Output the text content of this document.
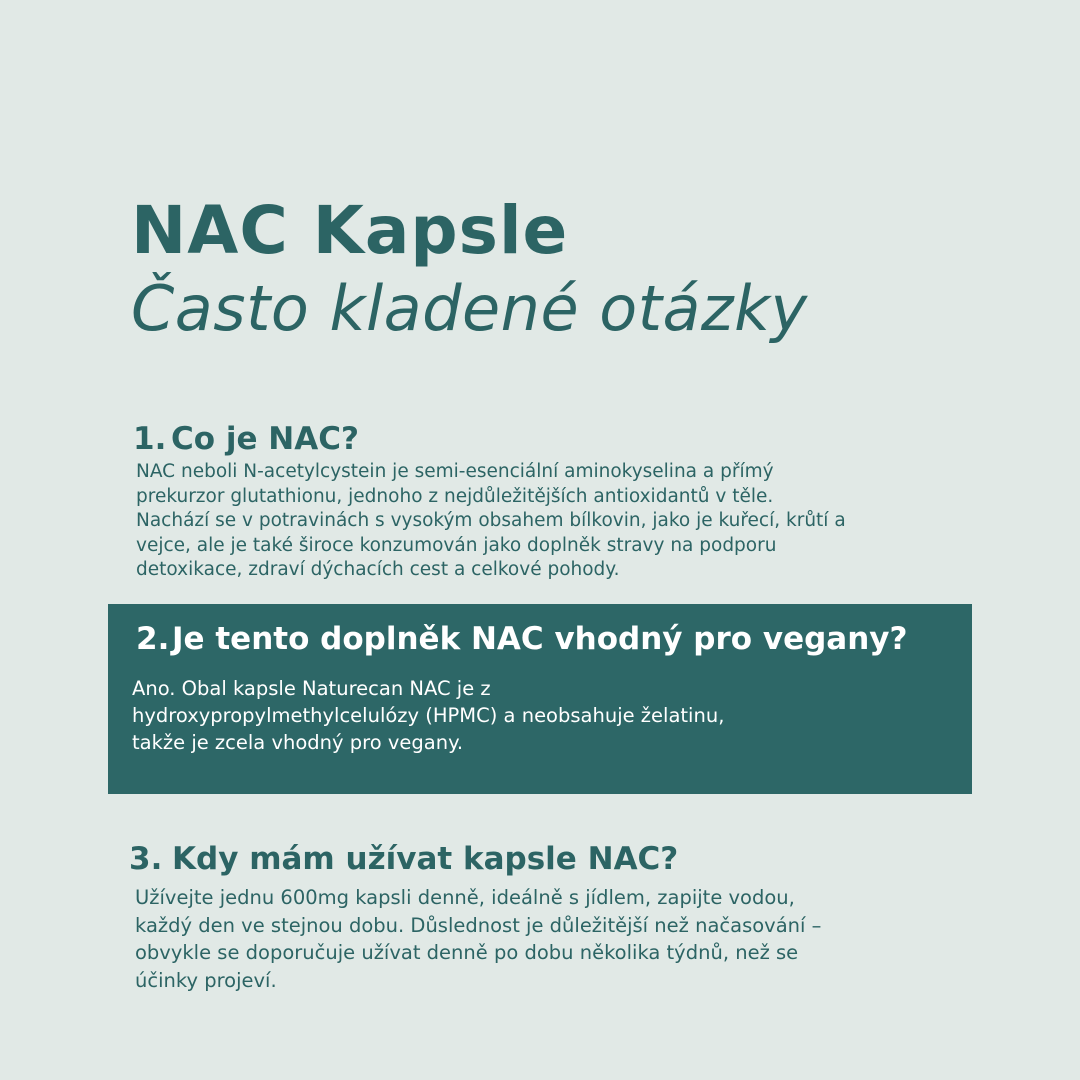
NAC Kapsle
Často kladené otázky
1. Co je NAC?
NAC neboli N-acetylcystein je semi-esenciální aminokyselina a přímý
prekurzor glutathionu, jednoho z nejdůležitějších antioxidantů v těle.
Nachází se v potravinách s vysokým obsahem bílkovin, jako je kuřecí, krůtí a
vejce, ale je také široce konzumován jako doplněk stravy na podporu
detoxikace, zdraví dýchacích cest a celkové pohody.
2. Je tento doplněk NAC vhodný pro vegany?
Ano. Obal kapsle Naturecan NAC je z
hydroxypropylmethylcelulózy (HPMC) a neobsahuje želatinu,
takže je zcela vhodný pro vegany.
3. Kdy mám užívat kapsle NAC?
Užívejte jednu 600mg kapsli denně, ideálně s jídlem, zapijte vodou,
každý den ve stejnou dobu. Důslednost je důležitější než načasování –
obvykle se doporučuje užívat denně po dobu několika týdnů, než se
účinky projeví.
